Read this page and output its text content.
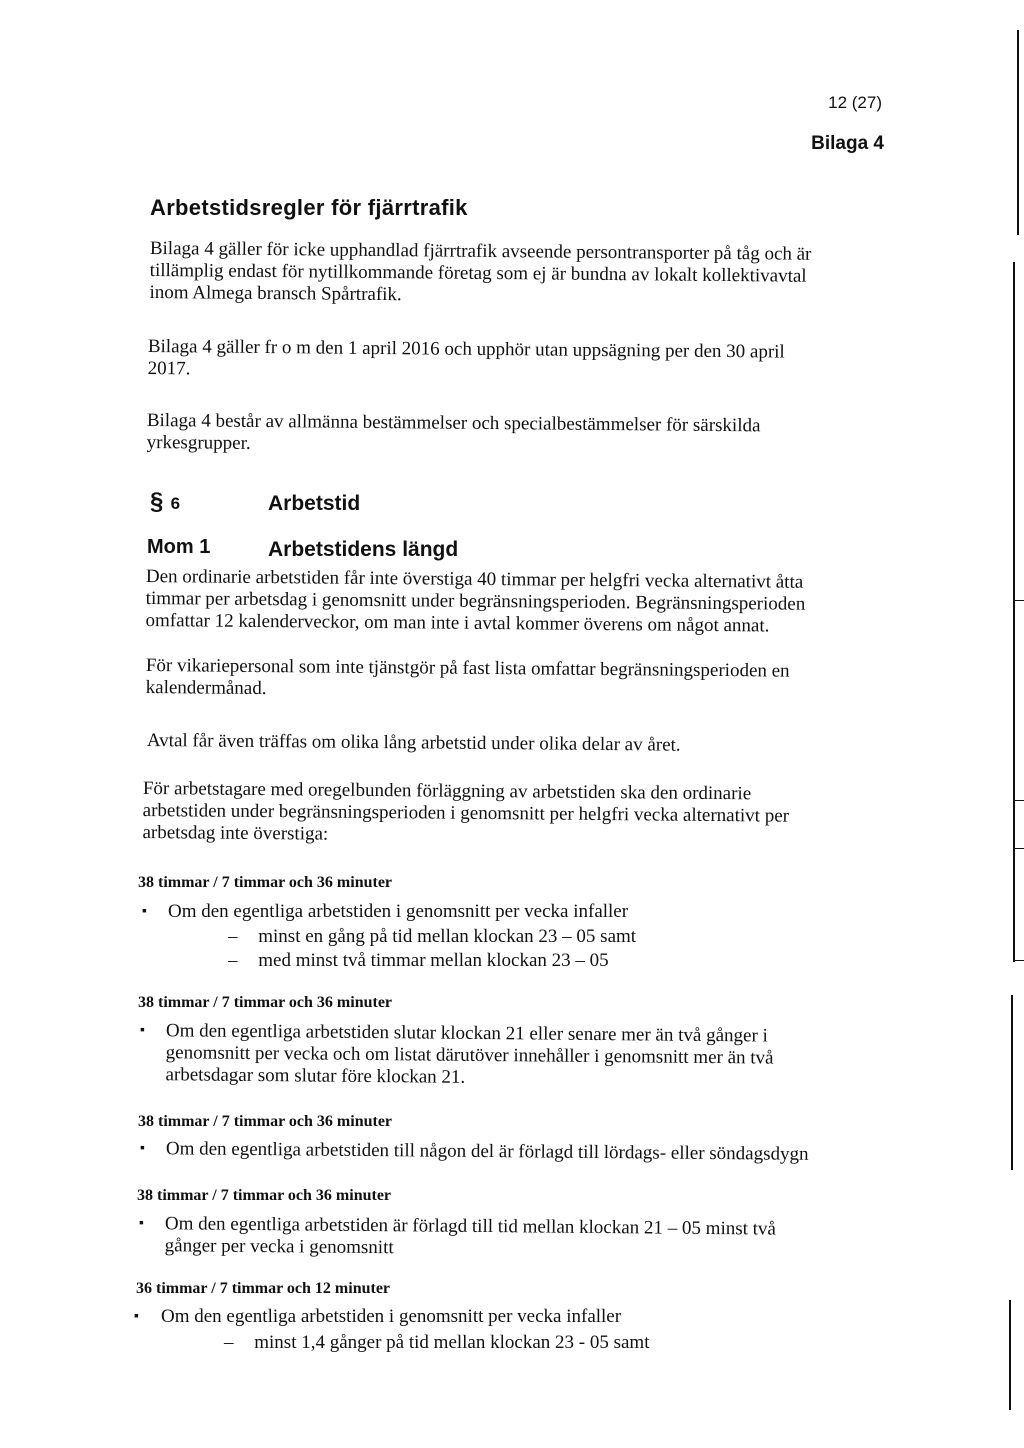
12 (27)
Bilaga 4
Arbetstidsregler för fjärrtrafik
Bilaga 4 gäller för icke upphandlad fjärrtrafik avseende persontransporter på tåg och är
tillämplig endast för nytillkommande företag som ej är bundna av lokalt kollektivavtal
inom Almega bransch Spårtrafik.
Bilaga 4 gäller fr o m den 1 april 2016 och upphör utan uppsägning per den 30 april
2017.
Bilaga 4 består av allmänna bestämmelser och specialbestämmelser för särskilda
yrkesgrupper.
§ 6	Arbetstid
Mom 1	Arbetstidens längd
Den ordinarie arbetstiden får inte överstiga 40 timmar per helgfri vecka alternativt åtta
timmar per arbetsdag i genomsnitt under begränsningsperioden. Begränsningsperioden
omfattar 12 kalenderveckor, om man inte i avtal kommer överens om något annat.
För vikariepersonal som inte tjänstgör på fast lista omfattar begränsningsperioden en
kalendermånad.
Avtal får även träffas om olika lång arbetstid under olika delar av året.
För arbetstagare med oregelbunden förläggning av arbetstiden ska den ordinarie
arbetstiden under begränsningsperioden i genomsnitt per helgfri vecka alternativt per
arbetsdag inte överstiga:
38 timmar / 7 timmar och 36 minuter
▪ Om den egentliga arbetstiden i genomsnitt per vecka infaller
– minst en gång på tid mellan klockan 23 – 05 samt
– med minst två timmar mellan klockan 23 – 05
38 timmar / 7 timmar och 36 minuter
▪ Om den egentliga arbetstiden slutar klockan 21 eller senare mer än två gånger i
genomsnitt per vecka och om listat därutöver innehåller i genomsnitt mer än två
arbetsdagar som slutar före klockan 21.
38 timmar / 7 timmar och 36 minuter
▪ Om den egentliga arbetstiden till någon del är förlagd till lördags- eller söndagsdygn
38 timmar / 7 timmar och 36 minuter
▪ Om den egentliga arbetstiden är förlagd till tid mellan klockan 21 – 05 minst två
gånger per vecka i genomsnitt
36 timmar / 7 timmar och 12 minuter
▪ Om den egentliga arbetstiden i genomsnitt per vecka infaller
– minst 1,4 gånger på tid mellan klockan 23 - 05 samt
